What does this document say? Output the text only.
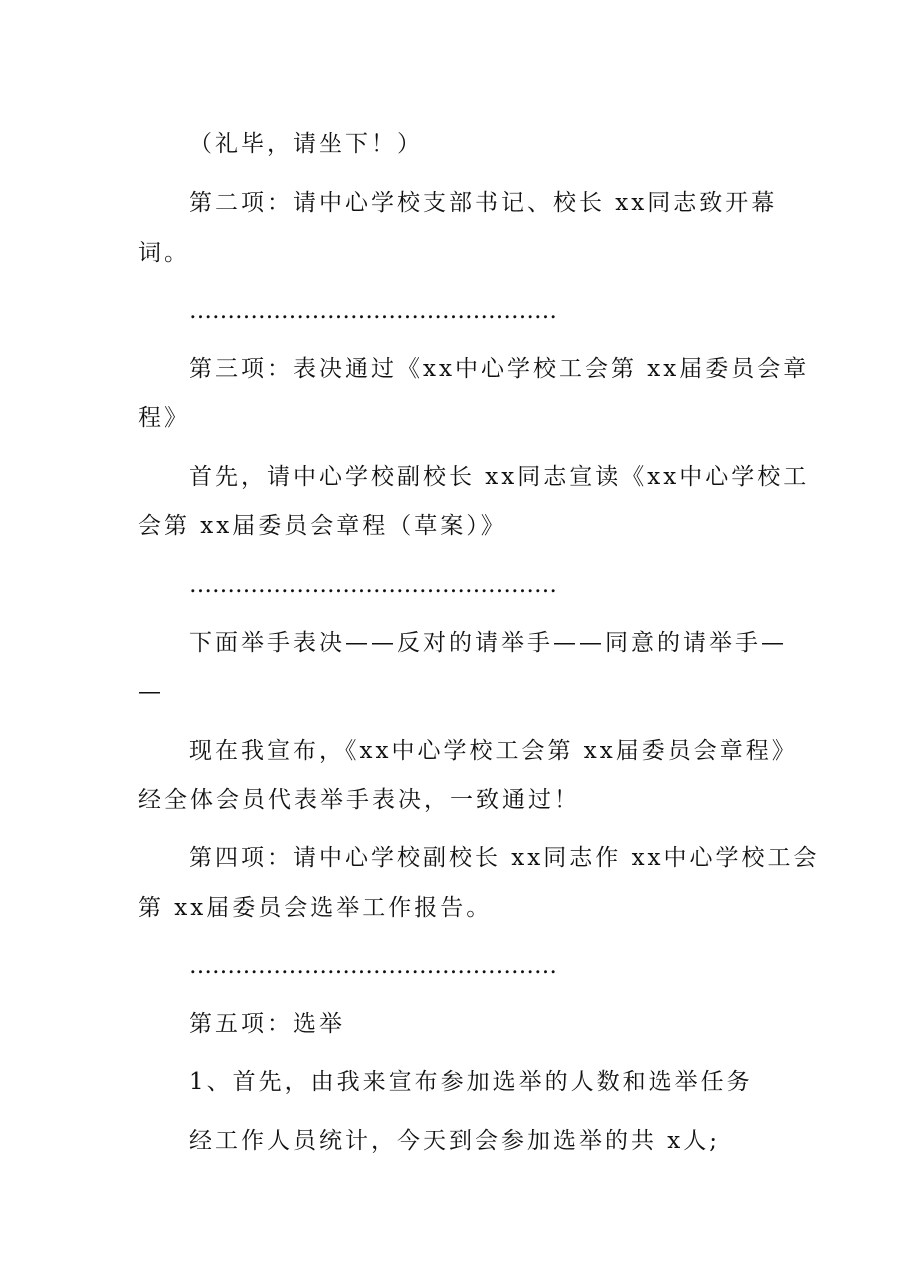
（礼毕，请坐下！）
第二项：请中心学校支部书记、校长 xx同志致开幕
词。
…………………………………………
第三项：表决通过《xx中心学校工会第 xx届委员会章
程》
首先，请中心学校副校长 xx同志宣读《xx中心学校工
会第 xx届委员会章程（草案）》
…………………………………………
下面举手表决——反对的请举手——同意的请举手—
—
现在我宣布，《xx中心学校工会第 xx届委员会章程》
经全体会员代表举手表决，一致通过！
第四项：请中心学校副校长 xx同志作 xx中心学校工会
第 xx届委员会选举工作报告。
…………………………………………
第五项：选举
1、首先，由我来宣布参加选举的人数和选举任务
经工作人员统计，今天到会参加选举的共 x人;
